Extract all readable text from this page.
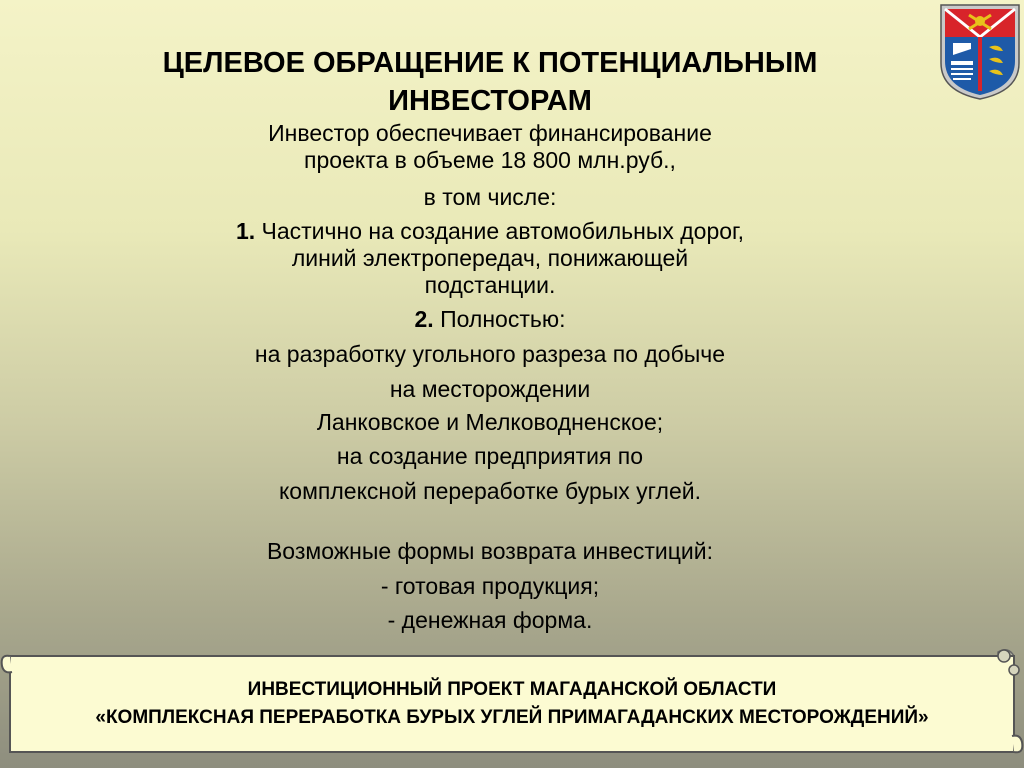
ЦЕЛЕВОЕ ОБРАЩЕНИЕ К ПОТЕНЦИАЛЬНЫМ
ИНВЕСТОРАМ
Инвестор обеспечивает финансирование
проекта в объеме 18 800 млн.руб.,
в том числе:
1. Частично на создание автомобильных дорог,
линий электропередач, понижающей
подстанции.
2. Полностью:
на разработку угольного разреза по добыче
на месторождении
Ланковское и Мелководненское;
на создание предприятия по
комплексной переработке бурых углей.
Возможные формы возврата инвестиций:
- готовая продукция;
- денежная форма.
ИНВЕСТИЦИОННЫЙ ПРОЕКТ МАГАДАНСКОЙ ОБЛАСТИ
«КОМПЛЕКСНАЯ ПЕРЕРАБОТКА БУРЫХ УГЛЕЙ ПРИМАГАДАНСКИХ МЕСТОРОЖДЕНИЙ»
